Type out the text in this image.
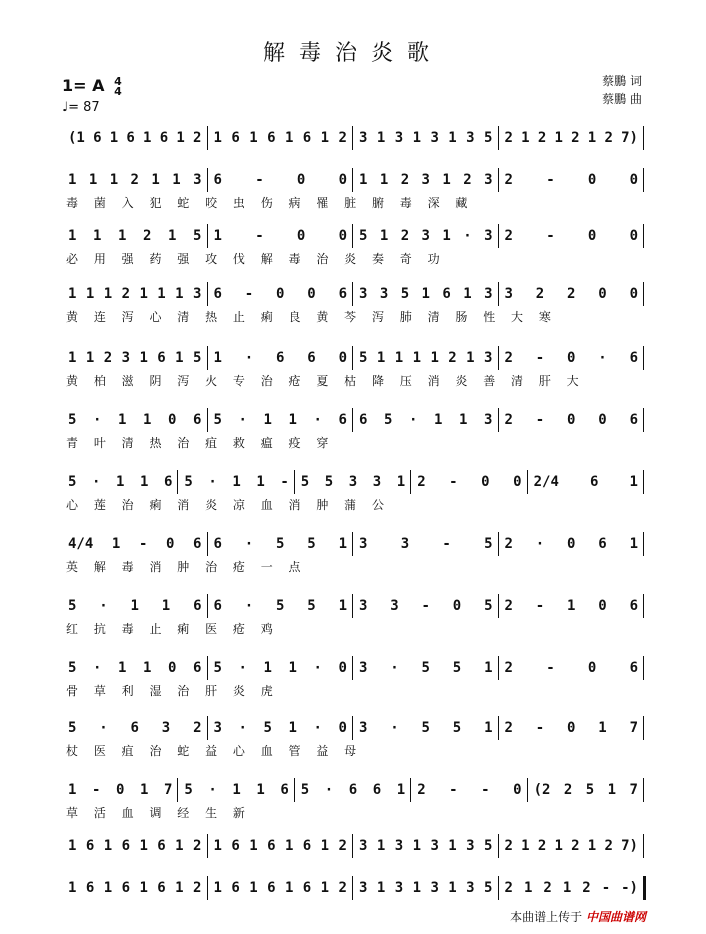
解毒治炎歌
1= A 4
4
♩= 87
蔡鵬 词
蔡鵬 曲
(1 6 1 6 1 6 1 2 1 6 1 6 1 6 1 2 3 1 3 1 3 1 3 5 2 1 2 1 2 1 2 7)
1 1 1 2 1 1 3 6 - 0 0 1 1 2 3 1 2 3 2 - 0 0
毒 菌 入 犯 蛇 咬 虫 伤 病 罹 脏 腑 毒 深 藏
1 1 1 2 1 5 1 - 0 0 5 1 2 3 1 · 3 2 - 0 0
必 用 强 药 强 攻 伐 解 毒 治 炎 奏 奇 功
1 1 1 2 1 1 1 3 6 - 0 0 6 3 3 5 1 6 1 3 3 2 2 0 0
黄 连 泻 心 清 热 止 痢 良 黄 芩 泻 肺 清 肠 性 大 寒
1 1 2 3 1 6 1 5 1 · 6 6 0 5 1 1 1 1 2 1 3 2 - 0 · 6
黄 柏 滋 阴 泻 火 专 治 疮 夏 枯 降 压 消 炎 善 清 肝 大
5 · 1 1 0 6 5 · 1 1 · 6 6 5 · 1 1 3 2 - 0 0 6
青 叶 清 热 治 疽 救 瘟 疫 穿
5 · 1 1 6 5 · 1 1 - 5 5 3 3 1 2 - 0 0 2/4 6 1
心 莲 治 痢 消 炎 凉 血 消 肿 蒲 公
4/4 1 - 0 6 6 · 5 5 1 3 3 - 5 2 · 0 6 1
英 解 毒 消 肿 治 疮 一 点
5 · 1 1 6 6 · 5 5 1 3 3 - 0 5 2 - 1 0 6
红 抗 毒 止 痢 医 疮 鸡
5 · 1 1 0 6 5 · 1 1 · 0 3 · 5 5 1 2 - 0 6
骨 草 利 湿 治 肝 炎 虎
5 · 6 3 2 3 · 5 1 · 0 3 · 5 5 1 2 - 0 1 7
杖 医 疽 治 蛇 益 心 血 管 益 母
1 - 0 1 7 5 · 1 1 6 5 · 6 6 1 2 - - 0 (2 2 5 1 7
草 活 血 调 经 生 新
1 6 1 6 1 6 1 2 1 6 1 6 1 6 1 2 3 1 3 1 3 1 3 5 2 1 2 1 2 1 2 7)
1 6 1 6 1 6 1 2 1 6 1 6 1 6 1 2 3 1 3 1 3 1 3 5 2 1 2 1 2 - -)
本曲谱上传于 中国曲谱网
